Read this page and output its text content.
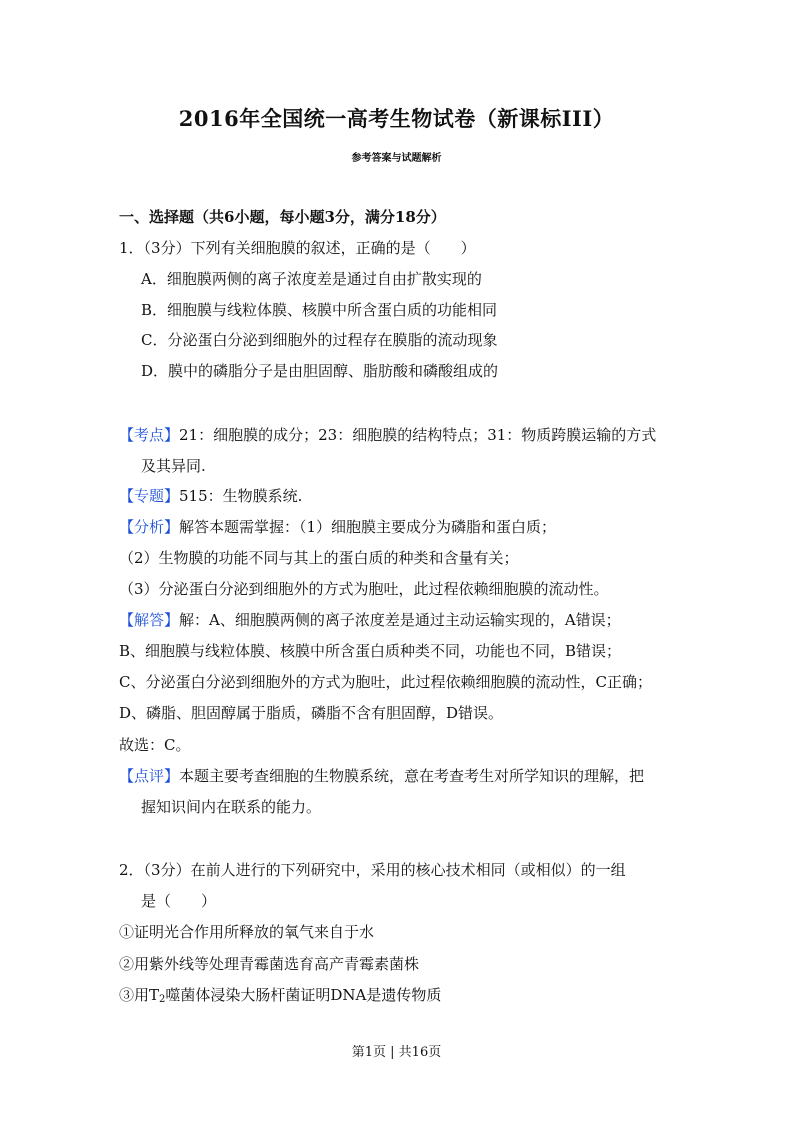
2016年全国统一高考生物试卷（新课标III）
参考答案与试题解析
一、选择题（共6小题，每小题3分，满分18分）
1．（3分）下列有关细胞膜的叙述，正确的是（　　）
A．细胞膜两侧的离子浓度差是通过自由扩散实现的
B．细胞膜与线粒体膜、核膜中所含蛋白质的功能相同
C．分泌蛋白分泌到细胞外的过程存在膜脂的流动现象
D．膜中的磷脂分子是由胆固醇、脂肪酸和磷酸组成的
【考点】21：细胞膜的成分；23：细胞膜的结构特点；31：物质跨膜运输的方式
及其异同.
【专题】515：生物膜系统.
【分析】解答本题需掌握：（1）细胞膜主要成分为磷脂和蛋白质；
（2）生物膜的功能不同与其上的蛋白质的种类和含量有关；
（3）分泌蛋白分泌到细胞外的方式为胞吐，此过程依赖细胞膜的流动性。
【解答】解：A、细胞膜两侧的离子浓度差是通过主动运输实现的，A错误；
B、细胞膜与线粒体膜、核膜中所含蛋白质种类不同，功能也不同，B错误；
C、分泌蛋白分泌到细胞外的方式为胞吐，此过程依赖细胞膜的流动性，C正确；
D、磷脂、胆固醇属于脂质，磷脂不含有胆固醇，D错误。
故选：C。
【点评】本题主要考查细胞的生物膜系统，意在考查考生对所学知识的理解，把
握知识间内在联系的能力。
2．（3分）在前人进行的下列研究中，采用的核心技术相同（或相似）的一组
是（　　）
①证明光合作用所释放的氧气来自于水
②用紫外线等处理青霉菌选育高产青霉素菌株
③用$T_2$噬菌体浸染大肠杆菌证明DNA是遗传物质
第1页 | 共16页
